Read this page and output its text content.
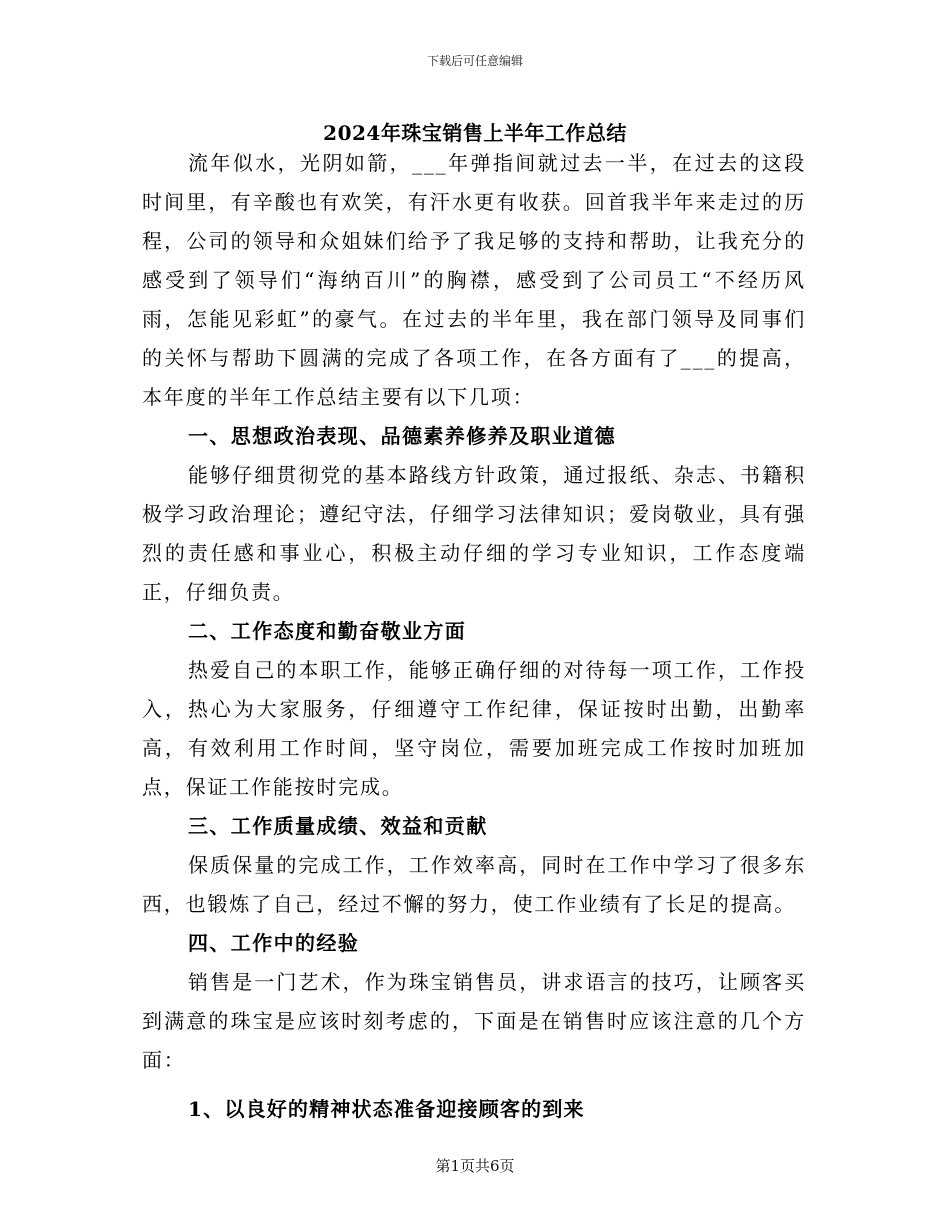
下载后可任意编辑
2024年珠宝销售上半年工作总结

流年似水，光阴如箭，___年弹指间就过去一半，在过去的这段时间里，有辛酸也有欢笑，有汗水更有收获。回首我半年来走过的历程，公司的领导和众姐妹们给予了我足够的支持和帮助，让我充分的感受到了领导们“海纳百川”的胸襟，感受到了公司员工“不经历风雨，怎能见彩虹”的豪气。在过去的半年里，我在部门领导及同事们的关怀与帮助下圆满的完成了各项工作，在各方面有了___的提高，本年度的半年工作总结主要有以下几项：

一、思想政治表现、品德素养修养及职业道德

能够仔细贯彻党的基本路线方针政策，通过报纸、杂志、书籍积极学习政治理论；遵纪守法，仔细学习法律知识；爱岗敬业，具有强烈的责任感和事业心，积极主动仔细的学习专业知识，工作态度端正，仔细负责。

二、工作态度和勤奋敬业方面

热爱自己的本职工作，能够正确仔细的对待每一项工作，工作投入，热心为大家服务，仔细遵守工作纪律，保证按时出勤，出勤率高，有效利用工作时间，坚守岗位，需要加班完成工作按时加班加点，保证工作能按时完成。

三、工作质量成绩、效益和贡献

保质保量的完成工作，工作效率高，同时在工作中学习了很多东西，也锻炼了自己，经过不懈的努力，使工作业绩有了长足的提高。

四、工作中的经验

销售是一门艺术，作为珠宝销售员，讲求语言的技巧，让顾客买到满意的珠宝是应该时刻考虑的，下面是在销售时应该注意的几个方面：

1、以良好的精神状态准备迎接顾客的到来

第1页共6页
